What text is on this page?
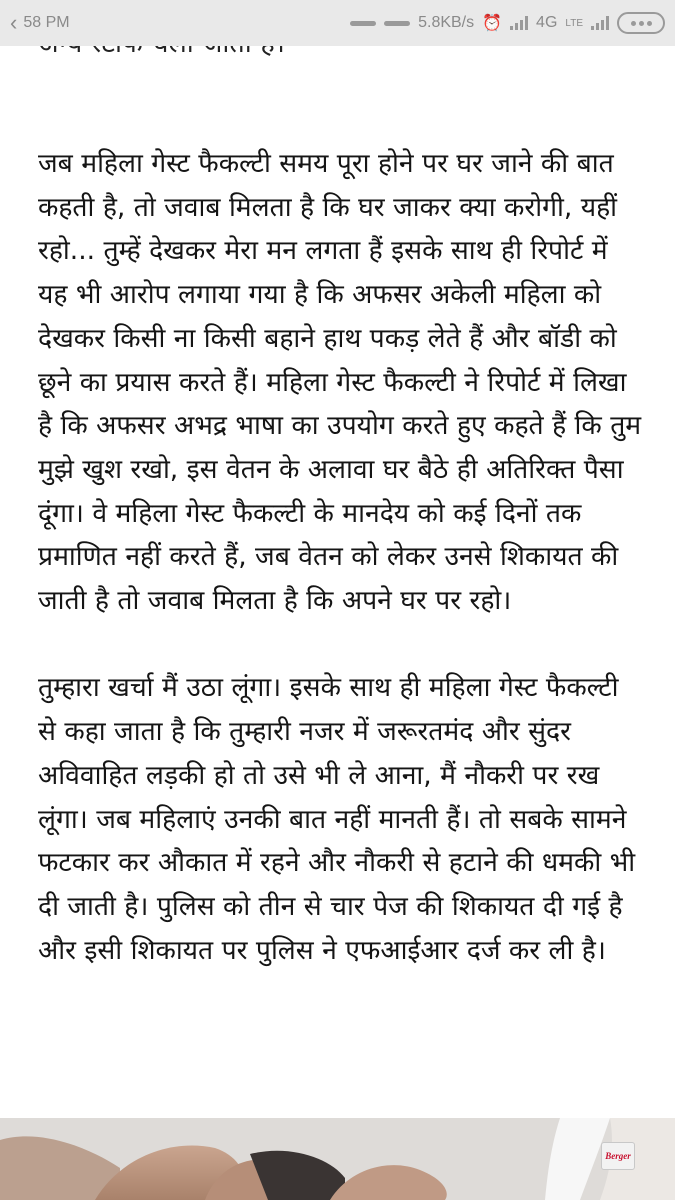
‹ 58 PM	5.8KB/s ⏰ 4G LTE

जब महिला गेस्ट फैकल्टी समय पूरा होने पर घर जाने की बात कहती है, तो जवाब मिलता है कि घर जाकर क्या करोगी, यहीं रहो... तुम्हें देखकर मेरा मन लगता हैं इसके साथ ही रिपोर्ट में यह भी आरोप लगाया गया है कि अफसर अकेली महिला को देखकर किसी ना किसी बहाने हाथ पकड़ लेते हैं और बॉडी को छूने का प्रयास करते हैं। महिला गेस्ट फैकल्टी ने रिपोर्ट में लिखा है कि अफसर अभद्र भाषा का उपयोग करते हुए कहते हैं कि तुम मुझे खुश रखो, इस वेतन के अलावा घर बैठे ही अतिरिक्त पैसा दूंगा। वे महिला गेस्ट फैकल्टी के मानदेय को कई दिनों तक प्रमाणित नहीं करते हैं, जब वेतन को लेकर उनसे शिकायत की जाती है तो जवाब मिलता है कि अपने घर पर रहो।

तुम्हारा खर्चा मैं उठा लूंगा। इसके साथ ही महिला गेस्ट फैकल्टी से कहा जाता है कि तुम्हारी नजर में जरूरतमंद और सुंदर अविवाहित लड़की हो तो उसे भी ले आना, मैं नौकरी पर रख लूंगा। जब महिलाएं उनकी बात नहीं मानती हैं। तो सबके सामने फटकार कर औकात में रहने और नौकरी से हटाने की धमकी भी दी जाती है। पुलिस को तीन से चार पेज की शिकायत दी गई है और इसी शिकायत पर पुलिस ने एफआईआर दर्ज कर ली है।

Berger
